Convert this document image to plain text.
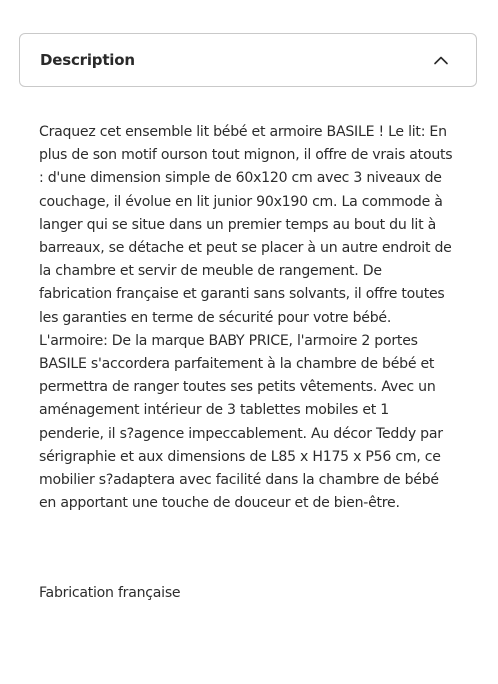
Description

Craquez cet ensemble lit bébé et armoire BASILE ! Le lit: En plus de son motif ourson tout mignon, il offre de vrais atouts : d'une dimension simple de 60x120 cm avec 3 niveaux de couchage, il évolue en lit junior 90x190 cm. La commode à langer qui se situe dans un premier temps au bout du lit à barreaux, se détache et peut se placer à un autre endroit de la chambre et servir de meuble de rangement. De fabrication française et garanti sans solvants, il offre toutes les garanties en terme de sécurité pour votre bébé. L'armoire: De la marque BABY PRICE, l'armoire 2 portes BASILE s'accordera parfaitement à la chambre de bébé et permettra de ranger toutes ses petits vêtements. Avec un aménagement intérieur de 3 tablettes mobiles et 1 penderie, il s?agence impeccablement. Au décor Teddy par sérigraphie et aux dimensions de L85 x H175 x P56 cm, ce mobilier s?adaptera avec facilité dans la chambre de bébé en apportant une touche de douceur et de bien-être.

Fabrication française
